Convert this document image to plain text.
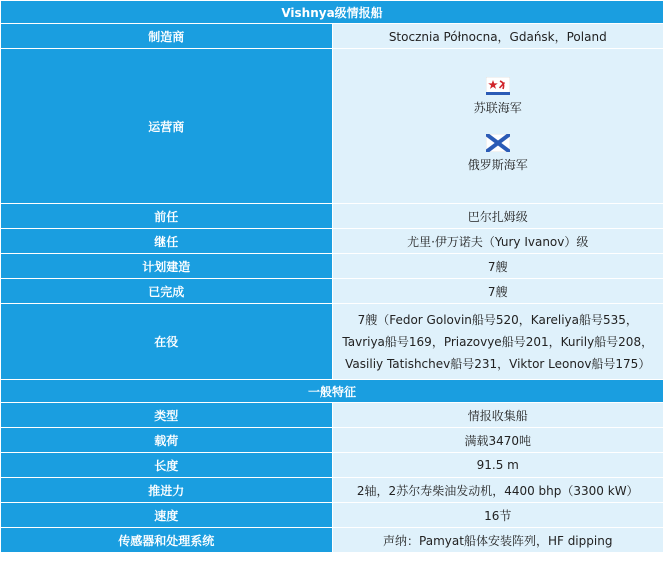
Vishnya级情报船	
制造商	Stocznia Północna，Gdańsk，Poland
运营商	苏联海军
俄罗斯海军

前任	巴尔扎姆级
继任	尤里·伊万诺夫（Yury Ivanov）级
计划建造	7艘
已完成	7艘
在役	7艘（Fedor Golovin船号520，Kareliya船号535，Tavriya船号169，Priazovye船号201，Kurily船号208，Vasiliy Tatishchev船号231，Viktor Leonov船号175）

一般特征	
类型	情报收集船
载荷	满载3470吨
长度	91.5 m
推进力	2轴，2苏尔寿柴油发动机，4400 bhp（3300 kW）
速度	16节
传感器和处理系统	声纳：Pamyat船体安装阵列，HF dipping
